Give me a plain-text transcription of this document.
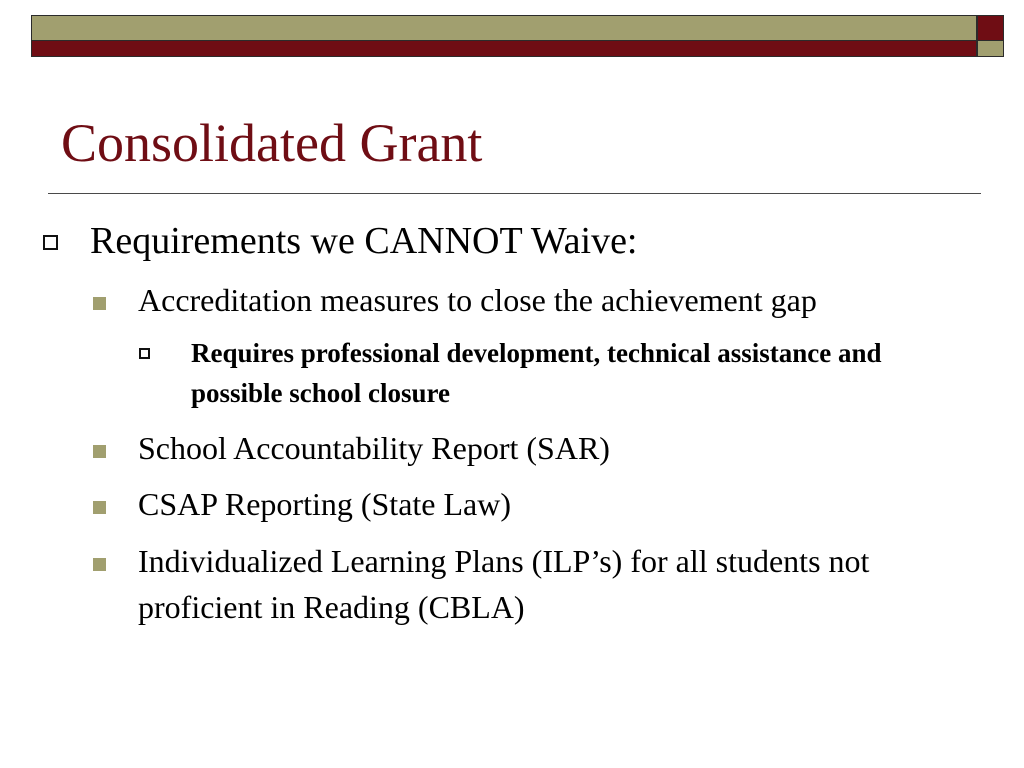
Consolidated Grant

Requirements we CANNOT Waive:

Accreditation measures to close the achievement gap

Requires professional development, technical assistance and possible school closure

School Accountability Report (SAR)

CSAP Reporting (State Law)

Individualized Learning Plans (ILP’s) for all students not proficient in Reading (CBLA)
